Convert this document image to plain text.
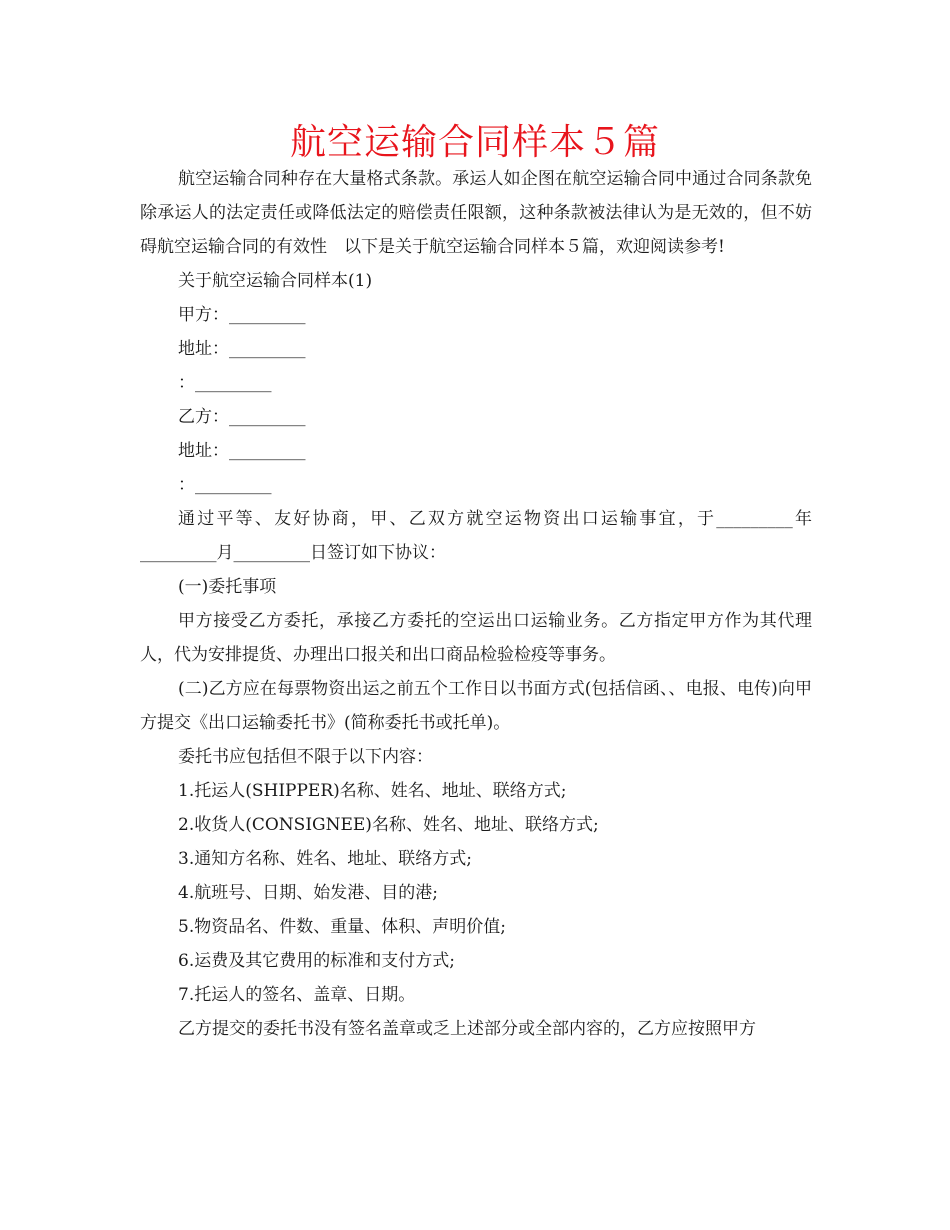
航空运输合同样本５篇

航空运输合同种存在大量格式条款。承运人如企图在航空运输合同中通过合同条款免除承运人的法定责任或降低法定的赔偿责任限额，这种条款被法律认为是无效的，但不妨碍航空运输合同的有效性　以下是关于航空运输合同样本５篇，欢迎阅读参考!

关于航空运输合同样本(1)

甲方：_________

地址：_________

：_________

乙方：_________

地址：_________

：_________

通过平等、友好协商，甲、乙双方就空运物资出口运输事宜，于_________年_________月_________日签订如下协议：

(一)委托事项

甲方接受乙方委托，承接乙方委托的空运出口运输业务。乙方指定甲方作为其代理人，代为安排提货、办理出口报关和出口商品检验检疫等事务。

(二)乙方应在每票物资出运之前五个工作日以书面方式(包括信函、、电报、电传)向甲方提交《出口运输委托书》(简称委托书或托单)。

委托书应包括但不限于以下内容：

1.托运人(SHIPPER)名称、姓名、地址、联络方式;

2.收货人(CONSIGNEE)名称、姓名、地址、联络方式;

3.通知方名称、姓名、地址、联络方式;

4.航班号、日期、始发港、目的港;

5.物资品名、件数、重量、体积、声明价值;

6.运费及其它费用的标准和支付方式;

7.托运人的签名、盖章、日期。

乙方提交的委托书没有签名盖章或乏上述部分或全部内容的，乙方应按照甲方
